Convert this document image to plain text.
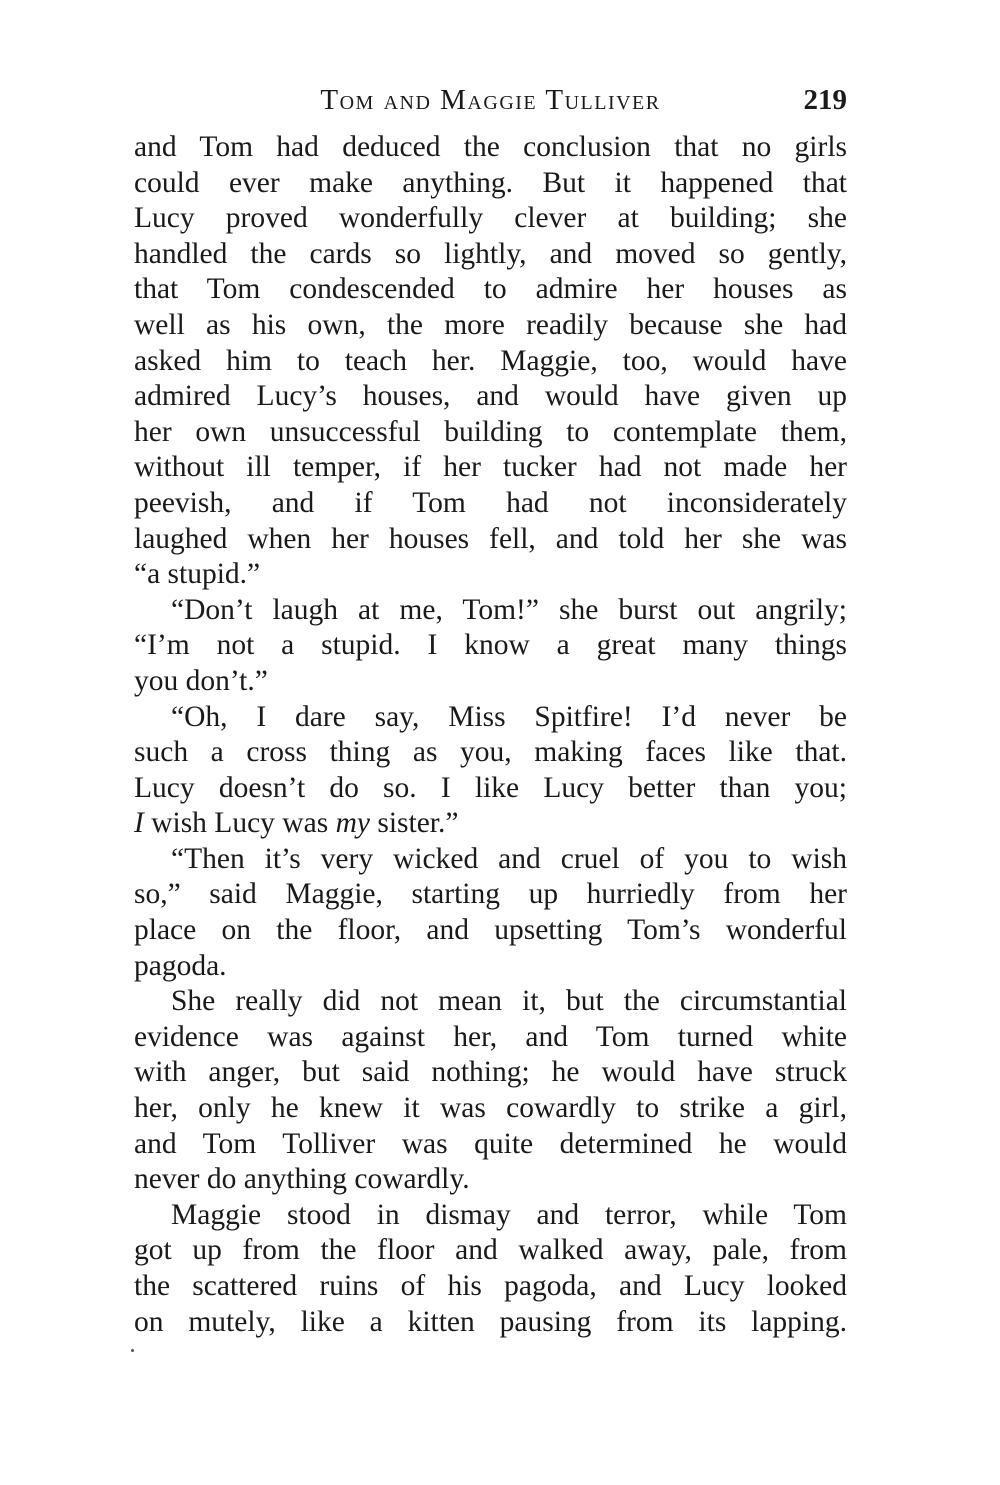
Tom and Maggie Tulliver	219
and Tom had deduced the conclusion that no girls
could ever make anything. But it happened that
Lucy proved wonderfully clever at building; she
handled the cards so lightly, and moved so gently,
that Tom condescended to admire her houses as
well as his own, the more readily because she had
asked him to teach her. Maggie, too, would have
admired Lucy’s houses, and would have given up
her own unsuccessful building to contemplate them,
without ill temper, if her tucker had not made her
peevish, and if Tom had not inconsiderately
laughed when her houses fell, and told her she was
“a stupid.”
“Don’t laugh at me, Tom!” she burst out angrily;
“I’m not a stupid. I know a great many things
you don’t.”
“Oh, I dare say, Miss Spitfire! I’d never be
such a cross thing as you, making faces like that.
Lucy doesn’t do so. I like Lucy better than you;
I wish Lucy was my sister.”
“Then it’s very wicked and cruel of you to wish
so,” said Maggie, starting up hurriedly from her
place on the floor, and upsetting Tom’s wonderful
pagoda.
She really did not mean it, but the circumstantial
evidence was against her, and Tom turned white
with anger, but said nothing; he would have struck
her, only he knew it was cowardly to strike a girl,
and Tom Tolliver was quite determined he would
never do anything cowardly.
Maggie stood in dismay and terror, while Tom
got up from the floor and walked away, pale, from
the scattered ruins of his pagoda, and Lucy looked
on mutely, like a kitten pausing from its lapping.
